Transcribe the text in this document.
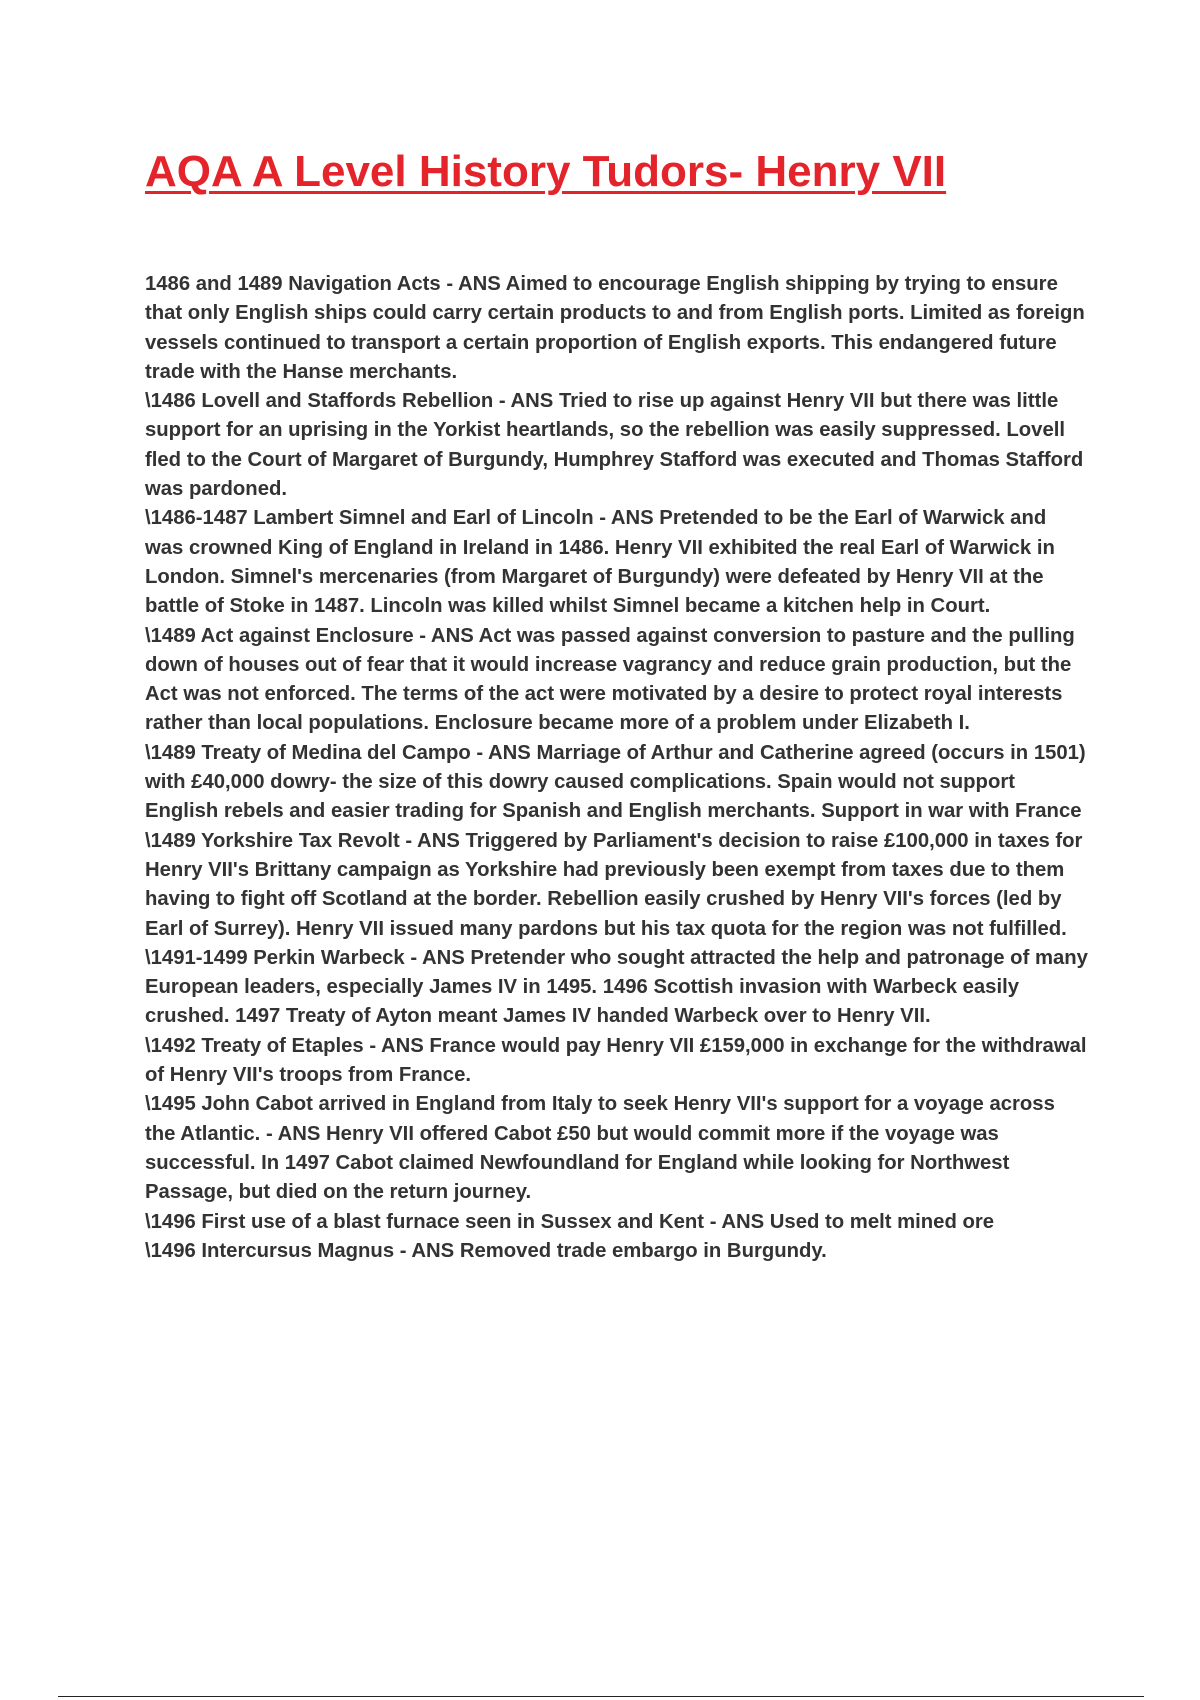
AQA A Level History Tudors- Henry VII

1486 and 1489 Navigation Acts - ANS Aimed to encourage English shipping by trying to ensure that only English ships could carry certain products to and from English ports. Limited as foreign vessels continued to transport a certain proportion of English exports. This endangered future trade with the Hanse merchants.

\1486 Lovell and Staffords Rebellion - ANS Tried to rise up against Henry VII but there was little support for an uprising in the Yorkist heartlands, so the rebellion was easily suppressed. Lovell fled to the Court of Margaret of Burgundy, Humphrey Stafford was executed and Thomas Stafford was pardoned.

\1486-1487 Lambert Simnel and Earl of Lincoln - ANS Pretended to be the Earl of Warwick and was crowned King of England in Ireland in 1486. Henry VII exhibited the real Earl of Warwick in London. Simnel's mercenaries (from Margaret of Burgundy) were defeated by Henry VII at the battle of Stoke in 1487. Lincoln was killed whilst Simnel became a kitchen help in Court.

\1489 Act against Enclosure - ANS Act was passed against conversion to pasture and the pulling down of houses out of fear that it would increase vagrancy and reduce grain production, but the Act was not enforced. The terms of the act were motivated by a desire to protect royal interests rather than local populations. Enclosure became more of a problem under Elizabeth I.

\1489 Treaty of Medina del Campo - ANS Marriage of Arthur and Catherine agreed (occurs in 1501) with £40,000 dowry- the size of this dowry caused complications. Spain would not support English rebels and easier trading for Spanish and English merchants. Support in war with France

\1489 Yorkshire Tax Revolt - ANS Triggered by Parliament's decision to raise £100,000 in taxes for Henry VII's Brittany campaign as Yorkshire had previously been exempt from taxes due to them having to fight off Scotland at the border. Rebellion easily crushed by Henry VII's forces (led by Earl of Surrey). Henry VII issued many pardons but his tax quota for the region was not fulfilled.

\1491-1499 Perkin Warbeck - ANS Pretender who sought attracted the help and patronage of many European leaders, especially James IV in 1495. 1496 Scottish invasion with Warbeck easily crushed. 1497 Treaty of Ayton meant James IV handed Warbeck over to Henry VII.

\1492 Treaty of Etaples - ANS France would pay Henry VII £159,000 in exchange for the withdrawal of Henry VII's troops from France.

\1495 John Cabot arrived in England from Italy to seek Henry VII's support for a voyage across the Atlantic. - ANS Henry VII offered Cabot £50 but would commit more if the voyage was successful. In 1497 Cabot claimed Newfoundland for England while looking for Northwest Passage, but died on the return journey.

\1496 First use of a blast furnace seen in Sussex and Kent - ANS Used to melt mined ore

\1496 Intercursus Magnus - ANS Removed trade embargo in Burgundy.
